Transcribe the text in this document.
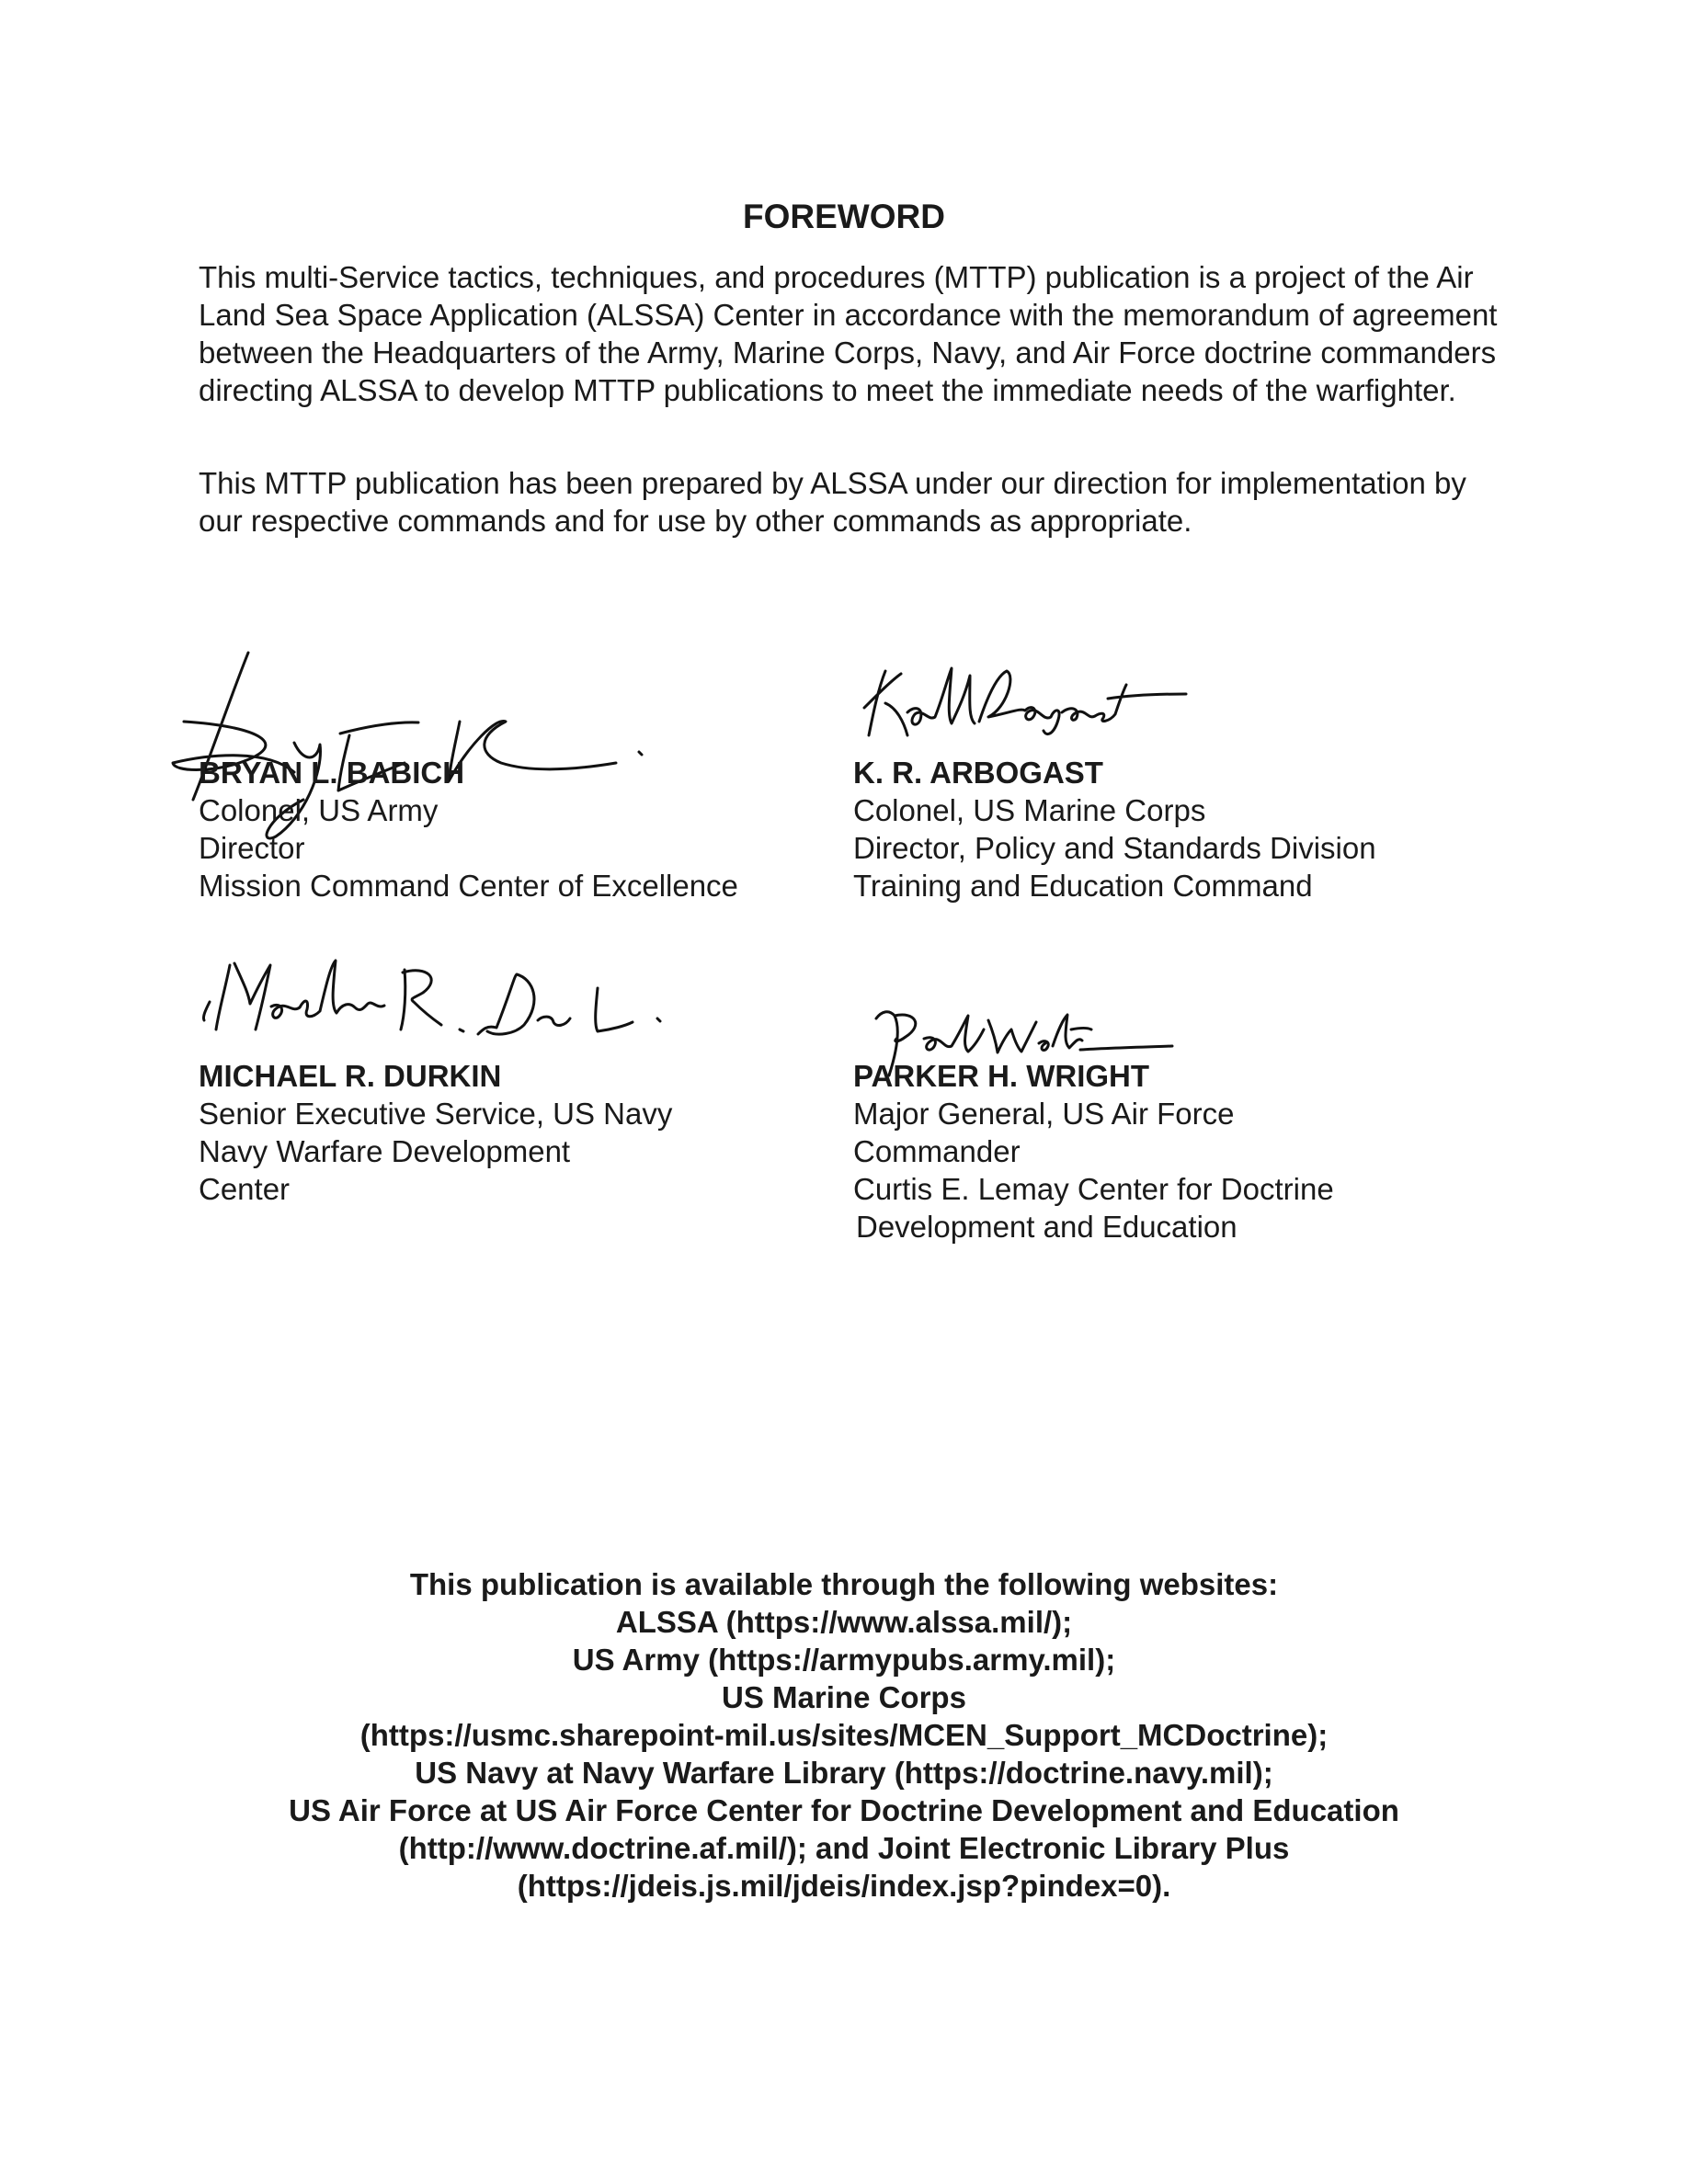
FOREWORD

This multi-Service tactics, techniques, and procedures (MTTP) publication is a project of the Air Land Sea Space Application (ALSSA) Center in accordance with the memorandum of agreement between the Headquarters of the Army, Marine Corps, Navy, and Air Force doctrine commanders directing ALSSA to develop MTTP publications to meet the immediate needs of the warfighter.

This MTTP publication has been prepared by ALSSA under our direction for implementation by our respective commands and for use by other commands as appropriate.

BRYAN L. BABICH
Colonel, US Army
Director
Mission Command Center of Excellence
K. R. ARBOGAST
Colonel, US Marine Corps
Director, Policy and Standards Division
Training and Education Command
MICHAEL R. DURKIN
Senior Executive Service, US Navy
Navy Warfare Development
Center
PARKER H. WRIGHT
Major General, US Air Force
Commander
Curtis E. Lemay Center for Doctrine
Development and Education
This publication is available through the following websites:
ALSSA (https://www.alssa.mil/);
US Army (https://armypubs.army.mil);
US Marine Corps
(https://usmc.sharepoint-mil.us/sites/MCEN_Support_MCDoctrine);
US Navy at Navy Warfare Library (https://doctrine.navy.mil);
US Air Force at US Air Force Center for Doctrine Development and Education
(http://www.doctrine.af.mil/); and Joint Electronic Library Plus
(https://jdeis.js.mil/jdeis/index.jsp?pindex=0).
